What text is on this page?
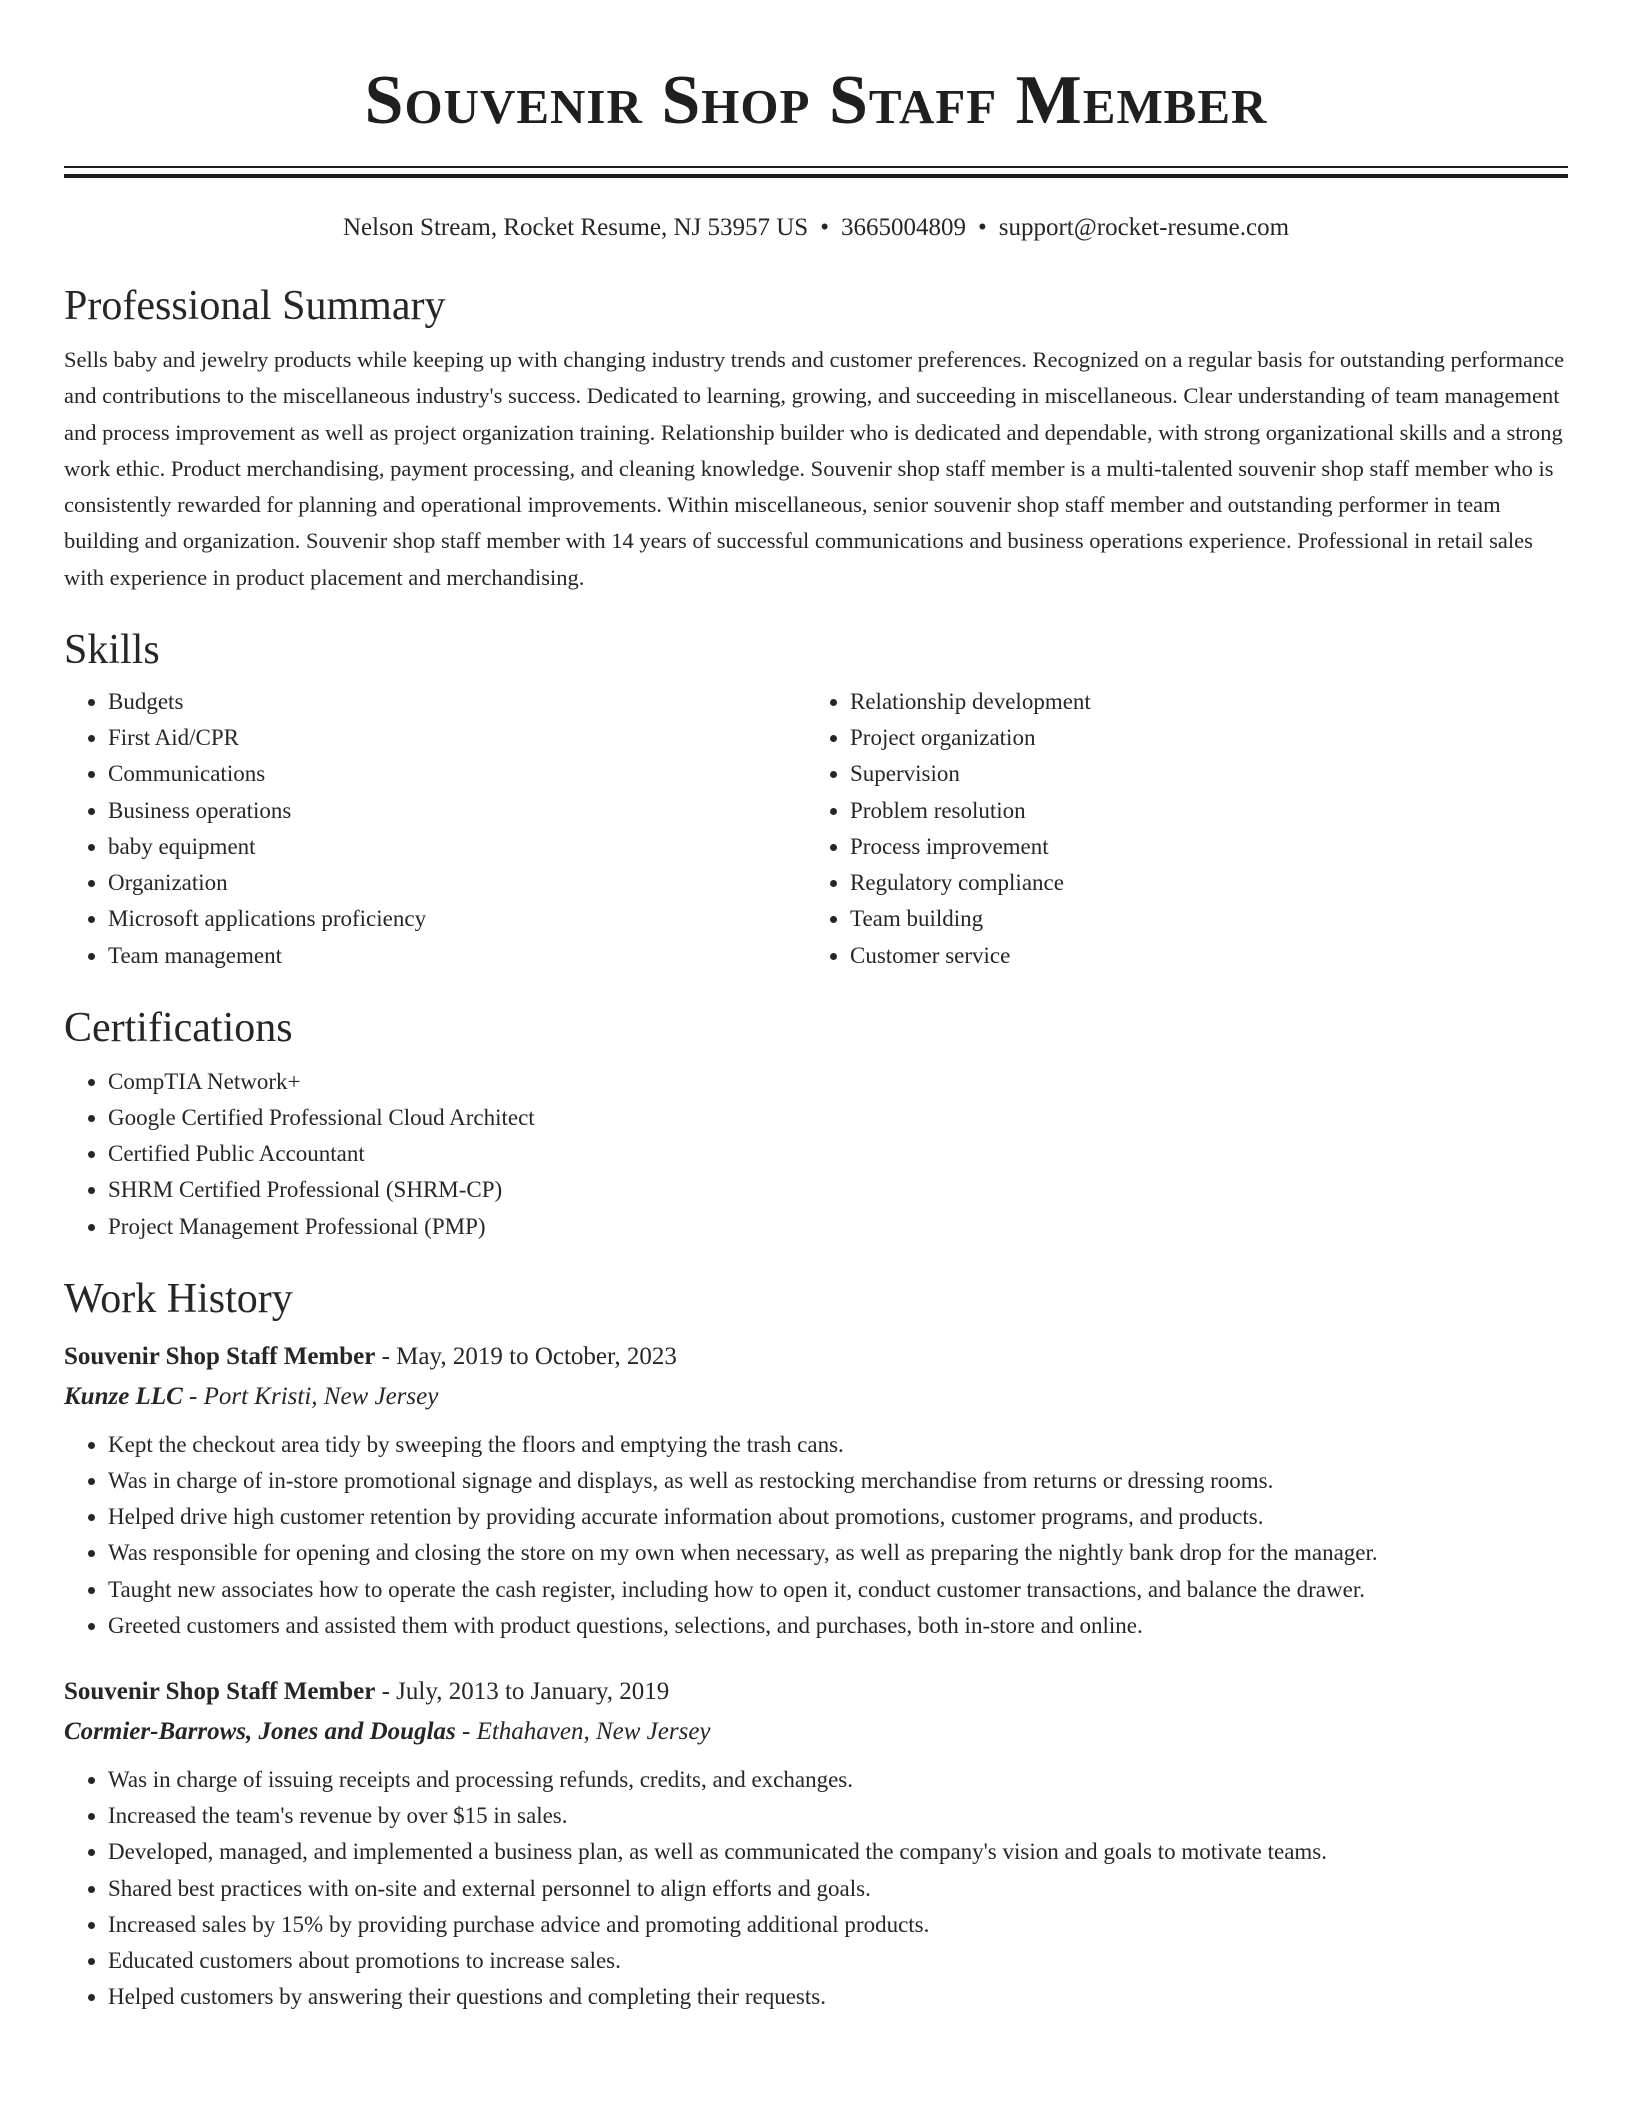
Souvenir Shop Staff Member
Nelson Stream, Rocket Resume, NJ 53957 US • 3665004809 • support@rocket-resume.com
Professional Summary

Sells baby and jewelry products while keeping up with changing industry trends and customer preferences. Recognized on a regular basis for outstanding performance and contributions to the miscellaneous industry's success. Dedicated to learning, growing, and succeeding in miscellaneous. Clear understanding of team management and process improvement as well as project organization training. Relationship builder who is dedicated and dependable, with strong organizational skills and a strong work ethic. Product merchandising, payment processing, and cleaning knowledge. Souvenir shop staff member is a multi-talented souvenir shop staff member who is consistently rewarded for planning and operational improvements. Within miscellaneous, senior souvenir shop staff member and outstanding performer in team building and organization. Souvenir shop staff member with 14 years of successful communications and business operations experience. Professional in retail sales with experience in product placement and merchandising.

Skills
• Budgets
• First Aid/CPR
• Communications
• Business operations
• baby equipment
• Organization
• Microsoft applications proficiency
• Team management
• Relationship development
• Project organization
• Supervision
• Problem resolution
• Process improvement
• Regulatory compliance
• Team building
• Customer service
Certifications
• CompTIA Network+
• Google Certified Professional Cloud Architect
• Certified Public Accountant
• SHRM Certified Professional (SHRM-CP)
• Project Management Professional (PMP)
Work History

Souvenir Shop Staff Member - May, 2019 to October, 2023

Kunze LLC - Port Kristi, New Jersey

• Kept the checkout area tidy by sweeping the floors and emptying the trash cans.
• Was in charge of in-store promotional signage and displays, as well as restocking merchandise from returns or dressing rooms.
• Helped drive high customer retention by providing accurate information about promotions, customer programs, and products.
• Was responsible for opening and closing the store on my own when necessary, as well as preparing the nightly bank drop for the manager.
• Taught new associates how to operate the cash register, including how to open it, conduct customer transactions, and balance the drawer.
• Greeted customers and assisted them with product questions, selections, and purchases, both in-store and online.

Souvenir Shop Staff Member - July, 2013 to January, 2019

Cormier-Barrows, Jones and Douglas - Ethahaven, New Jersey

• Was in charge of issuing receipts and processing refunds, credits, and exchanges.
• Increased the team's revenue by over $15 in sales.
• Developed, managed, and implemented a business plan, as well as communicated the company's vision and goals to motivate teams.
• Shared best practices with on-site and external personnel to align efforts and goals.
• Increased sales by 15% by providing purchase advice and promoting additional products.
• Educated customers about promotions to increase sales.
• Helped customers by answering their questions and completing their requests.
